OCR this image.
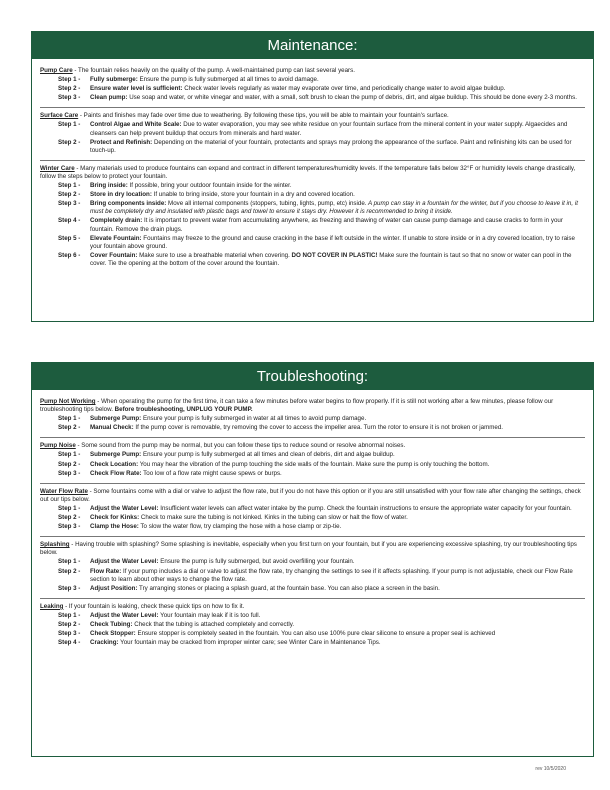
Maintenance:
Pump Care - The fountain relies heavily on the quality of the pump. A well-maintained pump can last several years.
Step 1 -	Fully submerge: Ensure the pump is fully submerged at all times to avoid damage.
Step 2 -	Ensure water level is sufficient: Check water levels regularly as water may evaporate over time, and periodically change water to avoid algae buildup.
Step 3 -	Clean pump: Use soap and water, or white vinegar and water, with a small, soft brush to clean the pump of debris, dirt, and algae buildup. This should be done every 2-3 months.
Surface Care - Paints and finishes may fade over time due to weathering. By following these tips, you will be able to maintain your fountain's surface.
Step 1 -	Control Algae and White Scale: Due to water evaporation, you may see white residue on your fountain surface from the mineral content in your water supply. Algaecides and cleansers can help prevent buildup that occurs from minerals and hard water.
Step 2 -	Protect and Refinish: Depending on the material of your fountain, protectants and sprays may prolong the appearance of the surface. Paint and refinishing kits can be used for touch-up.
Winter Care - Many materials used to produce fountains can expand and contract in different temperatures/humidity levels. If the temperature falls below 32°F or humidity levels change drastically, follow the steps below to protect your fountain.
Step 1 -	Bring inside: If possible, bring your outdoor fountain inside for the winter.
Step 2 -	Store in dry location: If unable to bring inside, store your fountain in a dry and covered location.
Step 3 -	Bring components inside: Move all internal components (stoppers, tubing, lights, pump, etc) inside. A pump can stay in a fountain for the winter, but if you choose to leave it in, it must be completely dry and insulated with plastic bags and towel to ensure it stays dry. However it is recommended to bring it inside.
Step 4 -	Completely drain: It is important to prevent water from accumulating anywhere, as freezing and thawing of water can cause pump damage and cause cracks to form in your fountain. Remove the drain plugs.
Step 5 -	Elevate Fountain: Fountains may freeze to the ground and cause cracking in the base if left outside in the winter. If unable to store inside or in a dry covered location, try to raise your fountain above ground.
Step 6 -	Cover Fountain: Make sure to use a breathable material when covering. DO NOT COVER IN PLASTIC! Make sure the fountain is taut so that no snow or water can pool in the cover. Tie the opening at the bottom of the cover around the fountain.
Troubleshooting:
Pump Not Working - When operating the pump for the first time, it can take a few minutes before water begins to flow properly. If it is still not working after a few minutes, please follow our troubleshooting tips below. Before troubleshooting, UNPLUG YOUR PUMP.
Step 1 -	Submerge Pump: Ensure your pump is fully submerged in water at all times to avoid pump damage.
Step 2 -	Manual Check: If the pump cover is removable, try removing the cover to access the impeller area. Turn the rotor to ensure it is not broken or jammed.
Pump Noise - Some sound from the pump may be normal, but you can follow these tips to reduce sound or resolve abnormal noises.
Step 1 -	Submerge Pump: Ensure your pump is fully submerged at all times and clean of debris, dirt and algae buildup.
Step 2 -	Check Location: You may hear the vibration of the pump touching the side walls of the fountain. Make sure the pump is only touching the bottom.
Step 3 -	Check Flow Rate: Too low of a flow rate might cause spews or burps.
Water Flow Rate - Some fountains come with a dial or valve to adjust the flow rate, but if you do not have this option or if you are still unsatisfied with your flow rate after changing the settings, check out our tips below.
Step 1 -	Adjust the Water Level: Insufficient water levels can affect water intake by the pump. Check the fountain instructions to ensure the appropriate water capacity for your fountain.
Step 2 -	Check for Kinks: Check to make sure the tubing is not kinked. Kinks in the tubing can slow or halt the flow of water.
Step 3 -	Clamp the Hose: To slow the water flow, try clamping the hose with a hose clamp or zip-tie.
Splashing - Having trouble with splashing? Some splashing is inevitable, especially when you first turn on your fountain, but if you are experiencing excessive splashing, try our troubleshooting tips below.
Step 1 -	Adjust the Water Level: Ensure the pump is fully submerged, but avoid overfilling your fountain.
Step 2 -	Flow Rate: If your pump includes a dial or valve to adjust the flow rate, try changing the settings to see if it affects splashing. If your pump is not adjustable, check our Flow Rate section to learn about other ways to change the flow rate.
Step 3 -	Adjust Position: Try arranging stones or placing a splash guard, at the fountain base. You can also place a screen in the basin.
Leaking - If your fountain is leaking, check these quick tips on how to fix it.
Step 1 -	Adjust the Water Level: Your fountain may leak if it is too full.
Step 2 -	Check Tubing: Check that the tubing is attached completely and correctly.
Step 3 -	Check Stopper: Ensure stopper is completely seated in the fountain. You can also use 100% pure clear silicone to ensure a proper seal is achieved
Step 4 -	Cracking: Your fountain may be cracked from improper winter care; see Winter Care in Maintenance Tips.
rev 10/5/2020
